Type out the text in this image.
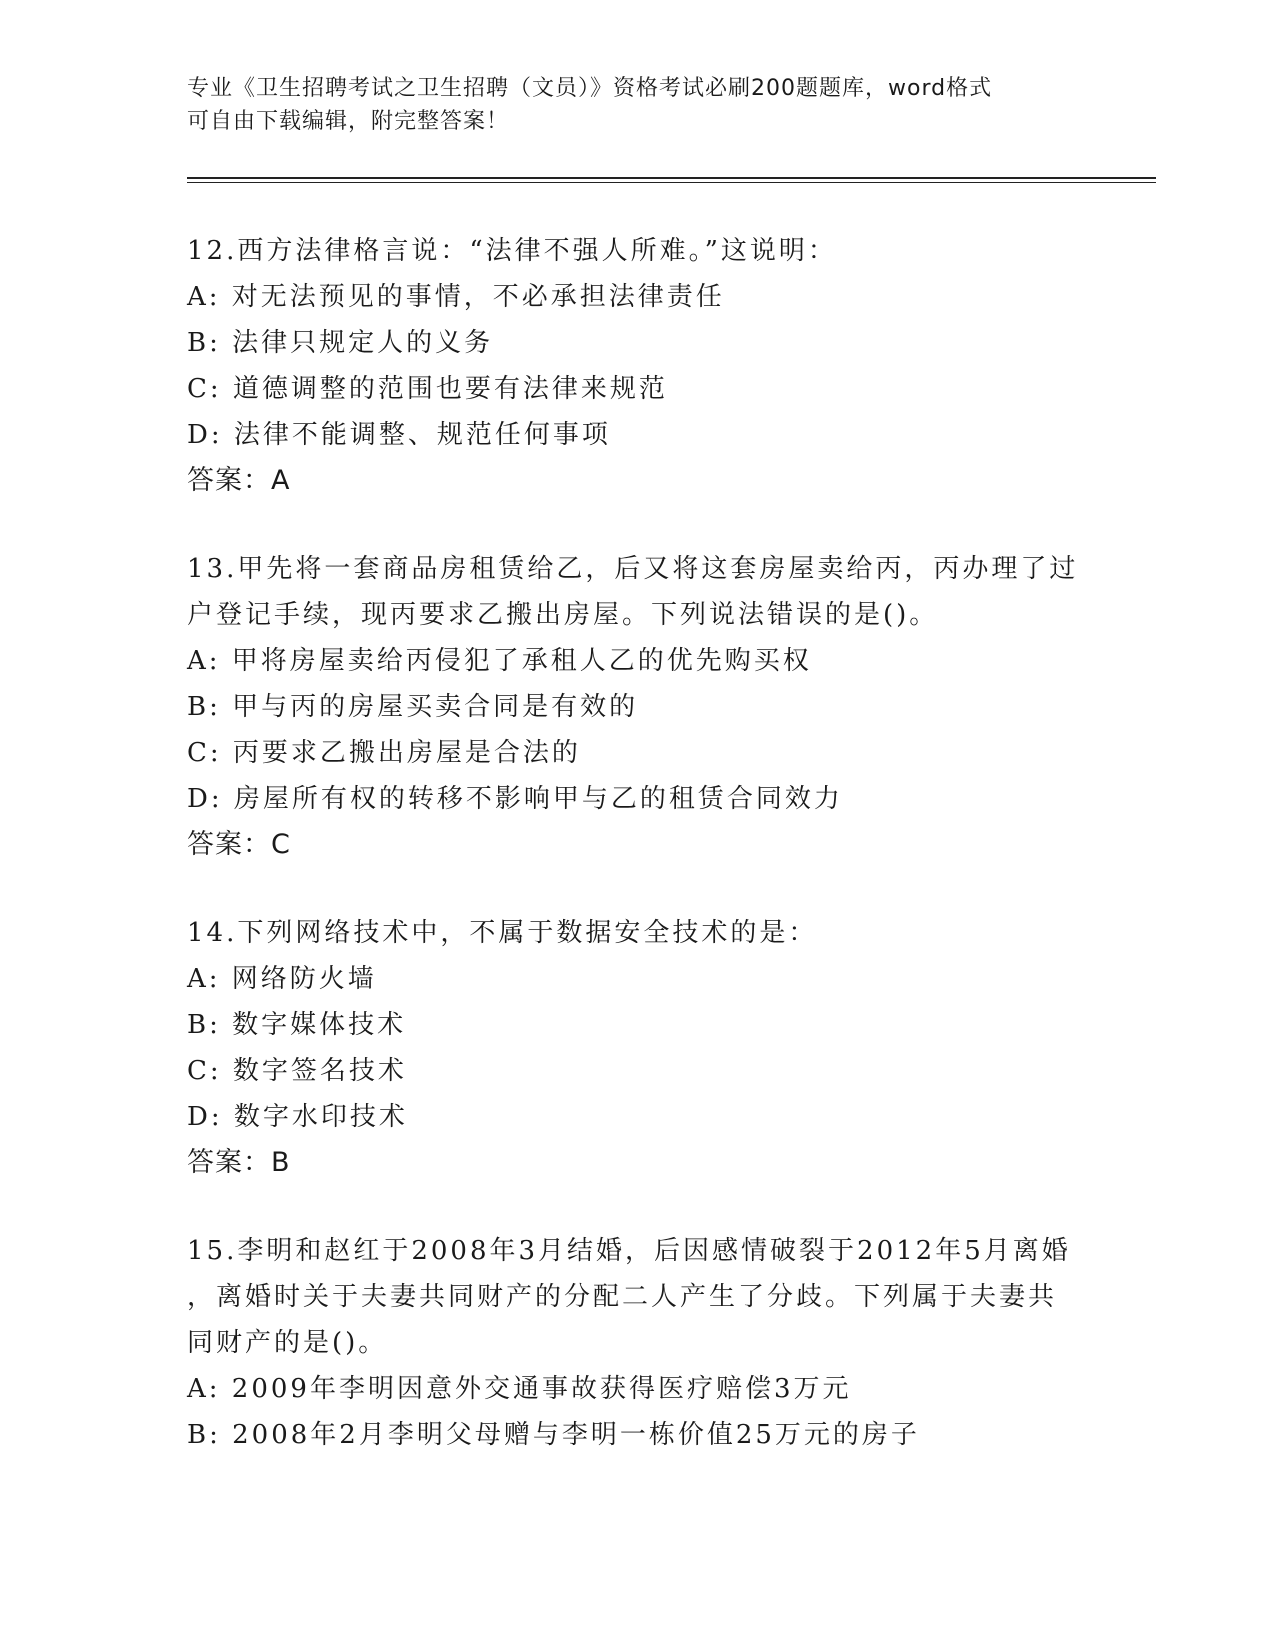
专业《卫生招聘考试之卫生招聘（文员）》资格考试必刷200题题库，word格式
可自由下载编辑，附完整答案！
12.西方法律格言说：“法律不强人所难。”这说明：
A: 对无法预见的事情，不必承担法律责任
B: 法律只规定人的义务
C: 道德调整的范围也要有法律来规范
D: 法律不能调整、规范任何事项
答案：A
13.甲先将一套商品房租赁给乙，后又将这套房屋卖给丙，丙办理了过
户登记手续，现丙要求乙搬出房屋。下列说法错误的是()。
A: 甲将房屋卖给丙侵犯了承租人乙的优先购买权
B: 甲与丙的房屋买卖合同是有效的
C: 丙要求乙搬出房屋是合法的
D: 房屋所有权的转移不影响甲与乙的租赁合同效力
答案：C
14.下列网络技术中，不属于数据安全技术的是：
A: 网络防火墙
B: 数字媒体技术
C: 数字签名技术
D: 数字水印技术
答案：B
15.李明和赵红于2008年3月结婚，后因感情破裂于2012年5月离婚
，离婚时关于夫妻共同财产的分配二人产生了分歧。下列属于夫妻共
同财产的是()。
A: 2009年李明因意外交通事故获得医疗赔偿3万元
B: 2008年2月李明父母赠与李明一栋价值25万元的房子
